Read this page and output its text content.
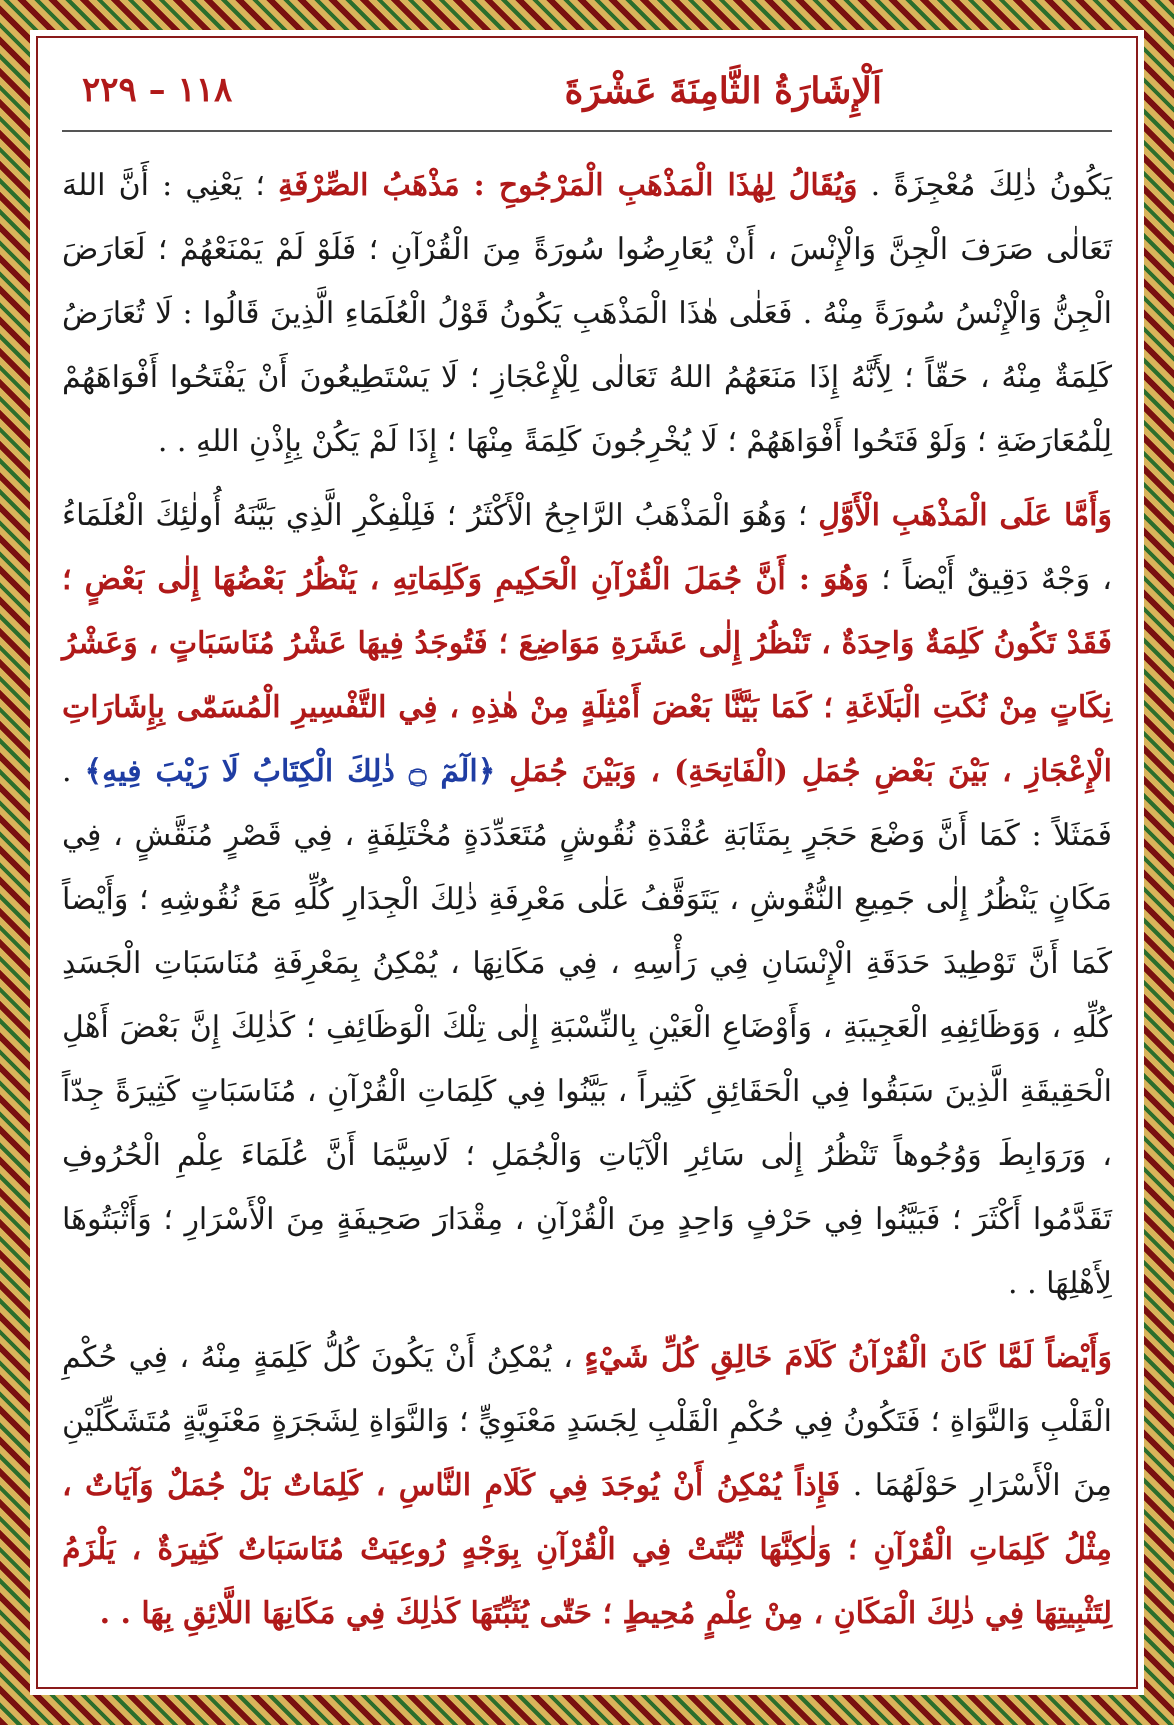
اَلْإِشَارَةُ الثَّامِنَةَ عَشْرَةَ
١١٨ – ٢٢٩

يَكُونُ ذٰلِكَ مُعْجِزَةً . وَيُقَالُ لِهٰذَا الْمَذْهَبِ الْمَرْجُوحِ : مَذْهَبُ الصِّرْفَةِ ؛ يَعْنِي : أَنَّ اللهَ تَعَالٰى صَرَفَ الْجِنَّ وَالْإِنْسَ ، أَنْ يُعَارِضُوا سُورَةً مِنَ الْقُرْآنِ ؛ فَلَوْ لَمْ يَمْنَعْهُمْ ؛ لَعَارَضَ الْجِنُّ وَالْإِنْسُ سُورَةً مِنْهُ . فَعَلٰى هٰذَا الْمَذْهَبِ يَكُونُ قَوْلُ الْعُلَمَاءِ الَّذِينَ قَالُوا : لَا تُعَارَضُ كَلِمَةٌ مِنْهُ ، حَقّاً ؛ لِأَنَّهُ إِذَا مَنَعَهُمُ اللهُ تَعَالٰى لِلْإِعْجَازِ ؛ لَا يَسْتَطِيعُونَ أَنْ يَفْتَحُوا أَفْوَاهَهُمْ لِلْمُعَارَضَةِ ؛ وَلَوْ فَتَحُوا أَفْوَاهَهُمْ ؛ لَا يُخْرِجُونَ كَلِمَةً مِنْهَا ؛ إِذَا لَمْ يَكُنْ بِإِذْنِ اللهِ . .

وَأَمَّا عَلَى الْمَذْهَبِ الْأَوَّلِ ؛ وَهُوَ الْمَذْهَبُ الرَّاجِحُ الْأَكْثَرُ ؛ فَلِلْفِكْرِ الَّذِي بَيَّنَهُ أُولٰئِكَ الْعُلَمَاءُ ، وَجْهٌ دَقِيقٌ أَيْضاً ؛ وَهُوَ : أَنَّ جُمَلَ الْقُرْآنِ الْحَكِيمِ وَكَلِمَاتِهِ ، يَنْظُرُ بَعْضُهَا إِلٰى بَعْضٍ ؛ فَقَدْ تَكُونُ كَلِمَةٌ وَاحِدَةٌ ، تَنْظُرُ إِلٰى عَشَرَةِ مَوَاضِعَ ؛ فَتُوجَدُ فِيهَا عَشْرُ مُنَاسَبَاتٍ ، وَعَشْرُ نِكَاتٍ مِنْ نُكَتِ الْبَلَاغَةِ ؛ كَمَا بَيَّنَّا بَعْضَ أَمْثِلَةٍ مِنْ هٰذِهِ ، فِي التَّفْسِيرِ الْمُسَمّٰى بِإِشَارَاتِ الْإِعْجَازِ ، بَيْنَ بَعْضِ جُمَلِ (الْفَاتِحَةِ) ، وَبَيْنَ جُمَلِ ﴿الٓمٓ ۝ ذٰلِكَ الْكِتَابُ لَا رَيْبَ فِيهِ﴾ . فَمَثَلاً : كَمَا أَنَّ وَضْعَ حَجَرٍ بِمَثَابَةِ عُقْدَةِ نُقُوشٍ مُتَعَدِّدَةٍ مُخْتَلِفَةٍ ، فِي قَصْرٍ مُنَقَّشٍ ، فِي مَكَانٍ يَنْظُرُ إِلٰى جَمِيعِ النُّقُوشِ ، يَتَوَقَّفُ عَلٰى مَعْرِفَةِ ذٰلِكَ الْجِدَارِ كُلِّهِ مَعَ نُقُوشِهِ ؛ وَأَيْضاً كَمَا أَنَّ تَوْطِيدَ حَدَقَةِ الْإِنْسَانِ فِي رَأْسِهِ ، فِي مَكَانِهَا ، يُمْكِنُ بِمَعْرِفَةِ مُنَاسَبَاتِ الْجَسَدِ كُلِّهِ ، وَوَظَائِفِهِ الْعَجِيبَةِ ، وَأَوْضَاعِ الْعَيْنِ بِالنِّسْبَةِ إِلٰى تِلْكَ الْوَظَائِفِ ؛ كَذٰلِكَ إِنَّ بَعْضَ أَهْلِ الْحَقِيقَةِ الَّذِينَ سَبَقُوا فِي الْحَقَائِقِ كَثِيراً ، بَيَّنُوا فِي كَلِمَاتِ الْقُرْآنِ ، مُنَاسَبَاتٍ كَثِيرَةً جِدّاً ، وَرَوَابِطَ وَوُجُوهاً تَنْظُرُ إِلٰى سَائِرِ الْآيَاتِ وَالْجُمَلِ ؛ لَاسِيَّمَا أَنَّ عُلَمَاءَ عِلْمِ الْحُرُوفِ تَقَدَّمُوا أَكْثَرَ ؛ فَبَيَّنُوا فِي حَرْفٍ وَاحِدٍ مِنَ الْقُرْآنِ ، مِقْدَارَ صَحِيفَةٍ مِنَ الْأَسْرَارِ ؛ وَأَثْبَتُوهَا لِأَهْلِهَا . .

وَأَيْضاً لَمَّا كَانَ الْقُرْآنُ كَلَامَ خَالِقِ كُلِّ شَيْءٍ ، يُمْكِنُ أَنْ يَكُونَ كُلُّ كَلِمَةٍ مِنْهُ ، فِي حُكْمِ الْقَلْبِ وَالنَّوَاةِ ؛ فَتَكُونُ فِي حُكْمِ الْقَلْبِ لِجَسَدٍ مَعْنَوِيٍّ ؛ وَالنَّوَاةِ لِشَجَرَةٍ مَعْنَوِيَّةٍ مُتَشَكِّلَيْنِ مِنَ الْأَسْرَارِ حَوْلَهُمَا . فَإِذاً يُمْكِنُ أَنْ يُوجَدَ فِي كَلَامِ النَّاسِ ، كَلِمَاتٌ بَلْ جُمَلٌ وَآيَاتٌ ، مِثْلُ كَلِمَاتِ الْقُرْآنِ ؛ وَلٰكِنَّهَا ثُبِّتَتْ فِي الْقُرْآنِ بِوَجْهٍ رُوعِيَتْ مُنَاسَبَاتٌ كَثِيرَةٌ ، يَلْزَمُ لِتَثْبِيتِهَا فِي ذٰلِكَ الْمَكَانِ ، مِنْ عِلْمٍ مُحِيطٍ ؛ حَتّٰى يُثَبِّتَهَا كَذٰلِكَ فِي مَكَانِهَا اللَّائِقِ بِهَا . .
